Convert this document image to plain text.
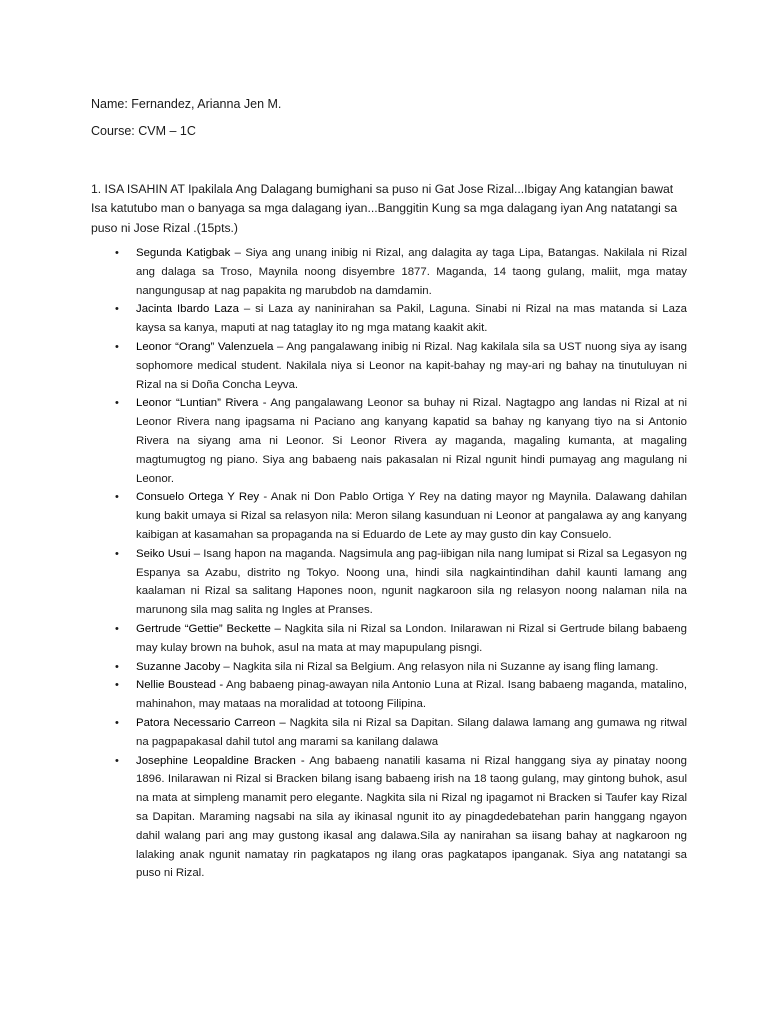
Name: Fernandez, Arianna Jen M.
Course: CVM – 1C

1. ISA ISAHIN AT Ipakilala Ang Dalagang bumighani sa puso ni Gat Jose Rizal...Ibigay Ang katangian bawat Isa katutubo man o banyaga sa mga dalagang iyan...Banggitin Kung sa mga dalagang iyan Ang natatangi sa puso ni Jose Rizal .(15pts.)

• Segunda Katigbak – Siya ang unang inibig ni Rizal, ang dalagita ay taga Lipa, Batangas. Nakilala ni Rizal ang dalaga sa Troso, Maynila noong disyembre 1877. Maganda, 14 taong gulang, maliit, mga matay nangungusap at nag papakita ng marubdob na damdamin.
• Jacinta Ibardo Laza – si Laza ay naninirahan sa Pakil, Laguna. Sinabi ni Rizal na mas matanda si Laza kaysa sa kanya, maputi at nag tataglay ito ng mga matang kaakit akit.
• Leonor “Orang” Valenzuela – Ang pangalawang inibig ni Rizal. Nag kakilala sila sa UST nuong siya ay isang sophomore medical student. Nakilala niya si Leonor na kapit-bahay ng may-ari ng bahay na tinutuluyan ni Rizal na si Doña Concha Leyva.
• Leonor “Luntian” Rivera - Ang pangalawang Leonor sa buhay ni Rizal. Nagtagpo ang landas ni Rizal at ni Leonor Rivera nang ipagsama ni Paciano ang kanyang kapatid sa bahay ng kanyang tiyo na si Antonio Rivera na siyang ama ni Leonor. Si Leonor Rivera ay maganda, magaling kumanta, at magaling magtumugtog ng piano. Siya ang babaeng nais pakasalan ni Rizal ngunit hindi pumayag ang magulang ni Leonor.
• Consuelo Ortega Y Rey - Anak ni Don Pablo Ortiga Y Rey na dating mayor ng Maynila. Dalawang dahilan kung bakit umaya si Rizal sa relasyon nila: Meron silang kasunduan ni Leonor at pangalawa ay ang kanyang kaibigan at kasamahan sa propaganda na si Eduardo de Lete ay may gusto din kay Consuelo.
• Seiko Usui – Isang hapon na maganda. Nagsimula ang pag-iibigan nila nang lumipat si Rizal sa Legasyon ng Espanya sa Azabu, distrito ng Tokyo. Noong una, hindi sila nagkaintindihan dahil kaunti lamang ang kaalaman ni Rizal sa salitang Hapones noon, ngunit nagkaroon sila ng relasyon noong nalaman nila na marunong sila mag salita ng Ingles at Pranses.
• Gertrude “Gettie” Beckette – Nagkita sila ni Rizal sa London. Inilarawan ni Rizal si Gertrude bilang babaeng may kulay brown na buhok, asul na mata at may mapupulang pisngi.
• Suzanne Jacoby – Nagkita sila ni Rizal sa Belgium. Ang relasyon nila ni Suzanne ay isang fling lamang.
• Nellie Boustead - Ang babaeng pinag-awayan nila Antonio Luna at Rizal. Isang babaeng maganda, matalino, mahinahon, may mataas na moralidad at totoong Filipina.
• Patora Necessario Carreon – Nagkita sila ni Rizal sa Dapitan. Silang dalawa lamang ang gumawa ng ritwal na pagpapakasal dahil tutol ang marami sa kanilang dalawa
• Josephine Leopaldine Bracken - Ang babaeng nanatili kasama ni Rizal hanggang siya ay pinatay noong 1896. Inilarawan ni Rizal si Bracken bilang isang babaeng irish na 18 taong gulang, may gintong buhok, asul na mata at simpleng manamit pero elegante. Nagkita sila ni Rizal ng ipagamot ni Bracken si Taufer kay Rizal sa Dapitan. Maraming nagsabi na sila ay ikinasal ngunit ito ay pinagdedebatehan parin hanggang ngayon dahil walang pari ang may gustong ikasal ang dalawa.Sila ay nanirahan sa iisang bahay at nagkaroon ng lalaking anak ngunit namatay rin pagkatapos ng ilang oras pagkatapos ipanganak. Siya ang natatangi sa puso ni Rizal.
